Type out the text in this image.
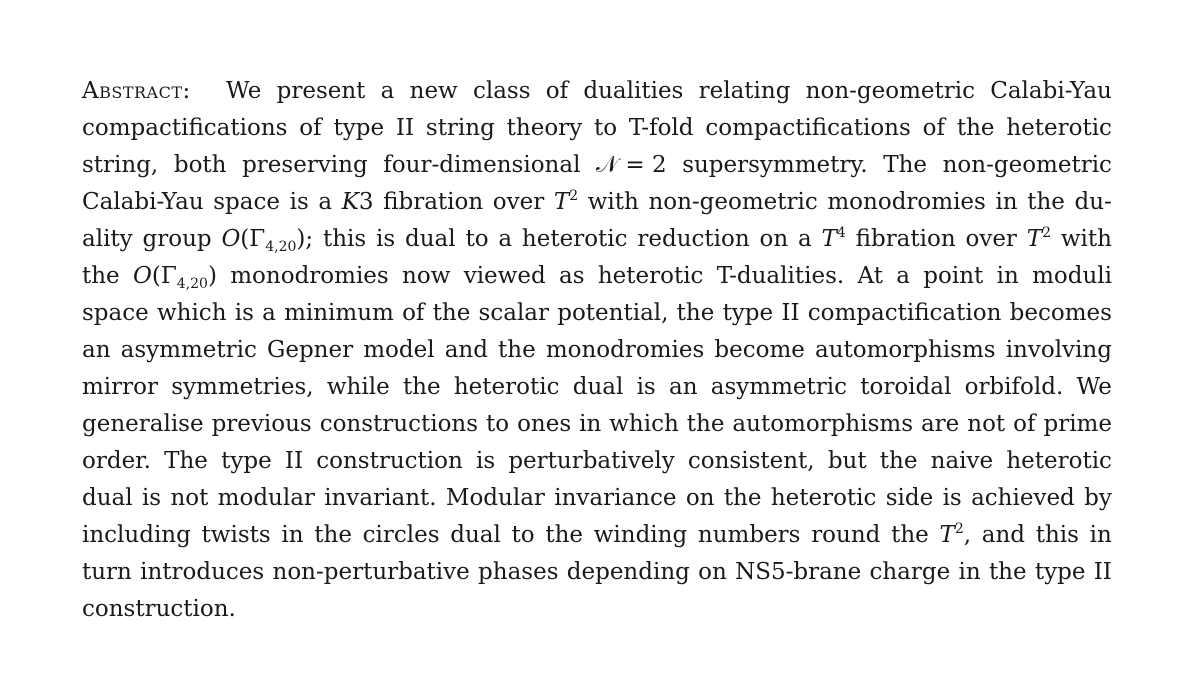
Abstract: We present a new class of dualities relating non-geometric Calabi-Yau
compactifications of type II string theory to T-fold compactifications of the heterotic
string, both preserving four-dimensional 𝒩 = 2 supersymmetry. The non-geometric
Calabi-Yau space is a K3 fibration over $T^2$ with non-geometric monodromies in the du-
ality group $O(\Gamma_{4,20})$; this is dual to a heterotic reduction on a $T^4$ fibration over $T^2$ with
the $O(\Gamma_{4,20})$ monodromies now viewed as heterotic T-dualities. At a point in moduli
space which is a minimum of the scalar potential, the type II compactification becomes
an asymmetric Gepner model and the monodromies become automorphisms involving
mirror symmetries, while the heterotic dual is an asymmetric toroidal orbifold. We
generalise previous constructions to ones in which the automorphisms are not of prime
order. The type II construction is perturbatively consistent, but the naive heterotic
dual is not modular invariant. Modular invariance on the heterotic side is achieved by
including twists in the circles dual to the winding numbers round the $T^2$, and this in
turn introduces non-perturbative phases depending on NS5-brane charge in the type II
construction.
